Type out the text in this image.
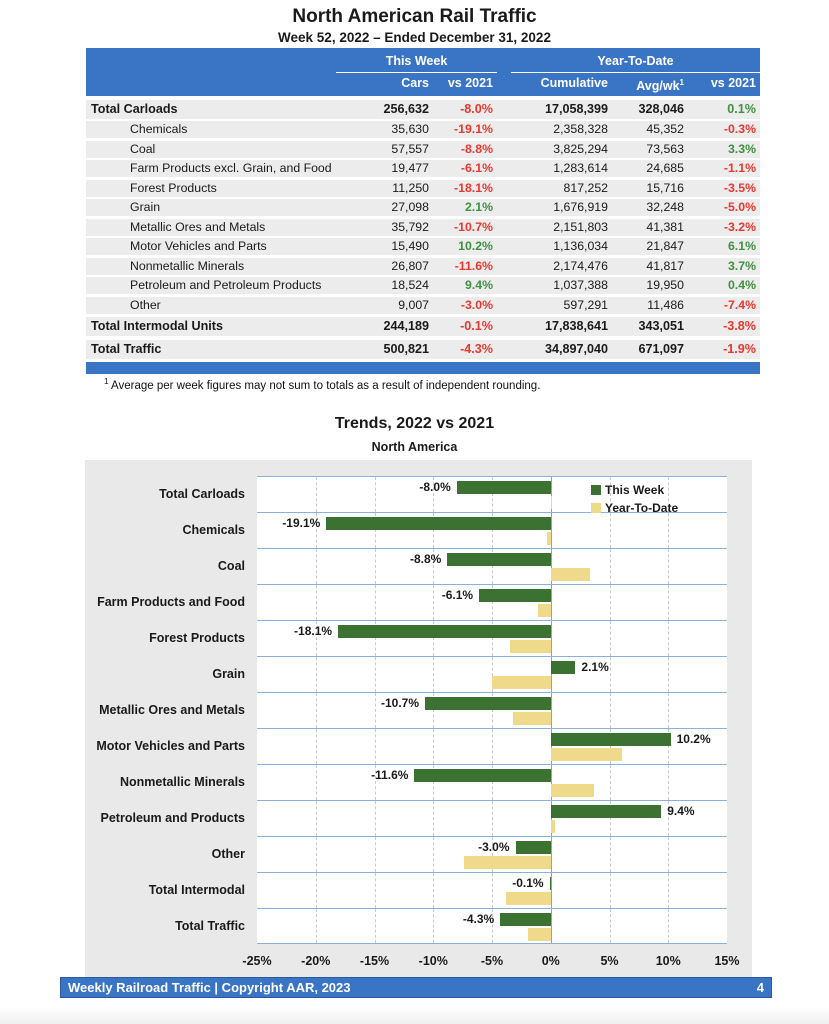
North American Rail Traffic
Week 52, 2022 – Ended December 31, 2022
This Week	Year-To-Date
Cars	vs 2021	Cumulative	Avg/$wk^1$	vs 2021
Total Carloads	256,632	-8.0%	17,058,399	328,046	0.1%
Chemicals	35,630	-19.1%	2,358,328	45,352	-0.3%
Coal	57,557	-8.8%	3,825,294	73,563	3.3%
Farm Products excl. Grain, and Food	19,477	-6.1%	1,283,614	24,685	-1.1%
Forest Products	11,250	-18.1%	817,252	15,716	-3.5%
Grain	27,098	2.1%	1,676,919	32,248	-5.0%
Metallic Ores and Metals	35,792	-10.7%	2,151,803	41,381	-3.2%
Motor Vehicles and Parts	15,490	10.2%	1,136,034	21,847	6.1%
Nonmetallic Minerals	26,807	-11.6%	2,174,476	41,817	3.7%
Petroleum and Petroleum Products	18,524	9.4%	1,037,388	19,950	0.4%
Other	9,007	-3.0%	597,291	11,486	-7.4%
Total Intermodal Units	244,189	-0.1%	17,838,641	343,051	-3.8%
Total Traffic	500,821	-4.3%	34,897,040	671,097	-1.9%
$^1$ Average per week figures may not sum to totals as a result of independent rounding.
Trends, 2022 vs 2021
North America
Total Carloads	-8.0%
Chemicals	-19.1%
Coal	-8.8%
Farm Products and Food	-6.1%
Forest Products	-18.1%
Grain	2.1%
Metallic Ores and Metals	-10.7%
Motor Vehicles and Parts	10.2%
Nonmetallic Minerals	-11.6%
Petroleum and Products	9.4%
Other	-3.0%
Total Intermodal	-0.1%
Total Traffic	-4.3%
-25%	-20%	-15%	-10%	-5%	0%	5%	10%	15%
This Week
Year-To-Date
Weekly Railroad Traffic | Copyright AAR, 2023	4
